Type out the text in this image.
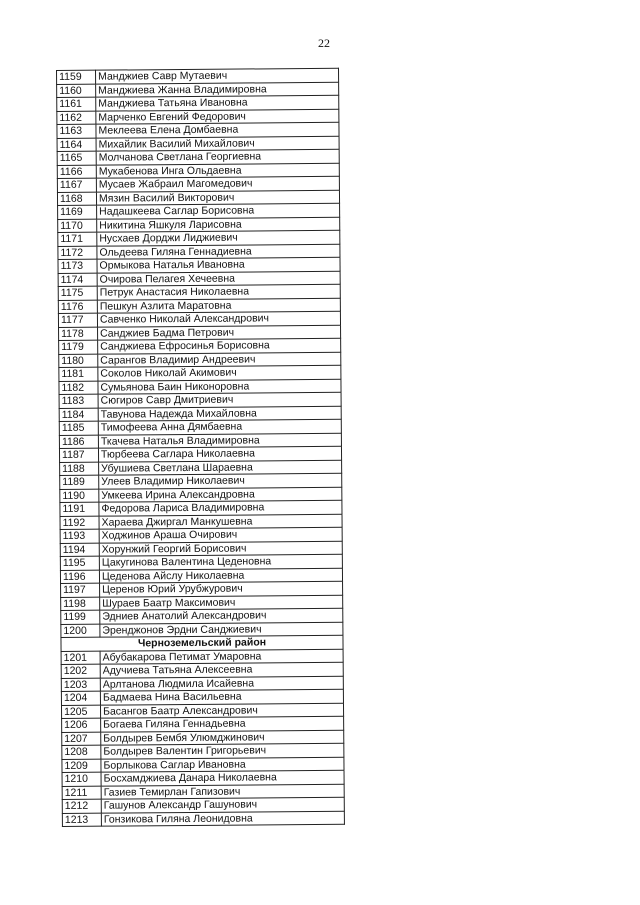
22
1159	Манджиев Савр Мутаевич
1160	Манджиева Жанна Владимировна
1161	Манджиева Татьяна Ивановна
1162	Марченко Евгений Федорович
1163	Меклеева Елена Домбаевна
1164	Михайлик Василий Михайлович
1165	Молчанова Светлана Георгиевна
1166	Мукабенова Инга Ольдаевна
1167	Мусаев Жабраил Магомедович
1168	Мязин Василий Викторович
1169	Надашкеева Саглар Борисовна
1170	Никитина Яшкуля Ларисовна
1171	Нусхаев Дорджи Лиджиевич
1172	Ольдеева Гиляна Геннадиевна
1173	Ормыкова Наталья Ивановна
1174	Очирова Пелагея Хечеевна
1175	Петрук Анастасия Николаевна
1176	Пешкун Азлита Маратовна
1177	Савченко Николай Александрович
1178	Санджиев Бадма Петрович
1179	Санджиева Ефросинья Борисовна
1180	Сарангов Владимир Андреевич
1181	Соколов Николай Акимович
1182	Сумьянова Баин Никоноровна
1183	Сюгиров Савр Дмитриевич
1184	Тавунова Надежда Михайловна
1185	Тимофеева Анна Дямбаевна
1186	Ткачева Наталья Владимировна
1187	Тюрбеева Саглара Николаевна
1188	Убушиева Светлана Шараевна
1189	Улеев Владимир Николаевич
1190	Умкеева Ирина Александровна
1191	Федорова Лариса Владимировна
1192	Хараева Джиргал Манкушевна
1193	Ходжинов Араша Очирович
1194	Хорунжий Георгий Борисович
1195	Цакугинова Валентина Цеденовна
1196	Цеденова Айслу Николаевна
1197	Церенов Юрий Урубжурович
1198	Шураев Баатр Максимович
1199	Эдниев Анатолий Александрович
1200	Эренджонов Эрдни Санджиевич
Черноземельский район	
1201	Абубакарова Петимат Умаровна
1202	Адучиева Татьяна Алексеевна
1203	Арлтанова Людмила Исайевна
1204	Бадмаева Нина Васильевна
1205	Басангов Баатр Александрович
1206	Богаева Гиляна Геннадьевна
1207	Болдырев Бембя Улюмджинович
1208	Болдырев Валентин Григорьевич
1209	Борлыкова Саглар Ивановна
1210	Босхамджиева Данара Николаевна
1211	Газиев Темирлан Гапизович
1212	Гашунов Александр Гашунович
1213	Гонзикова Гиляна Леонидовна
